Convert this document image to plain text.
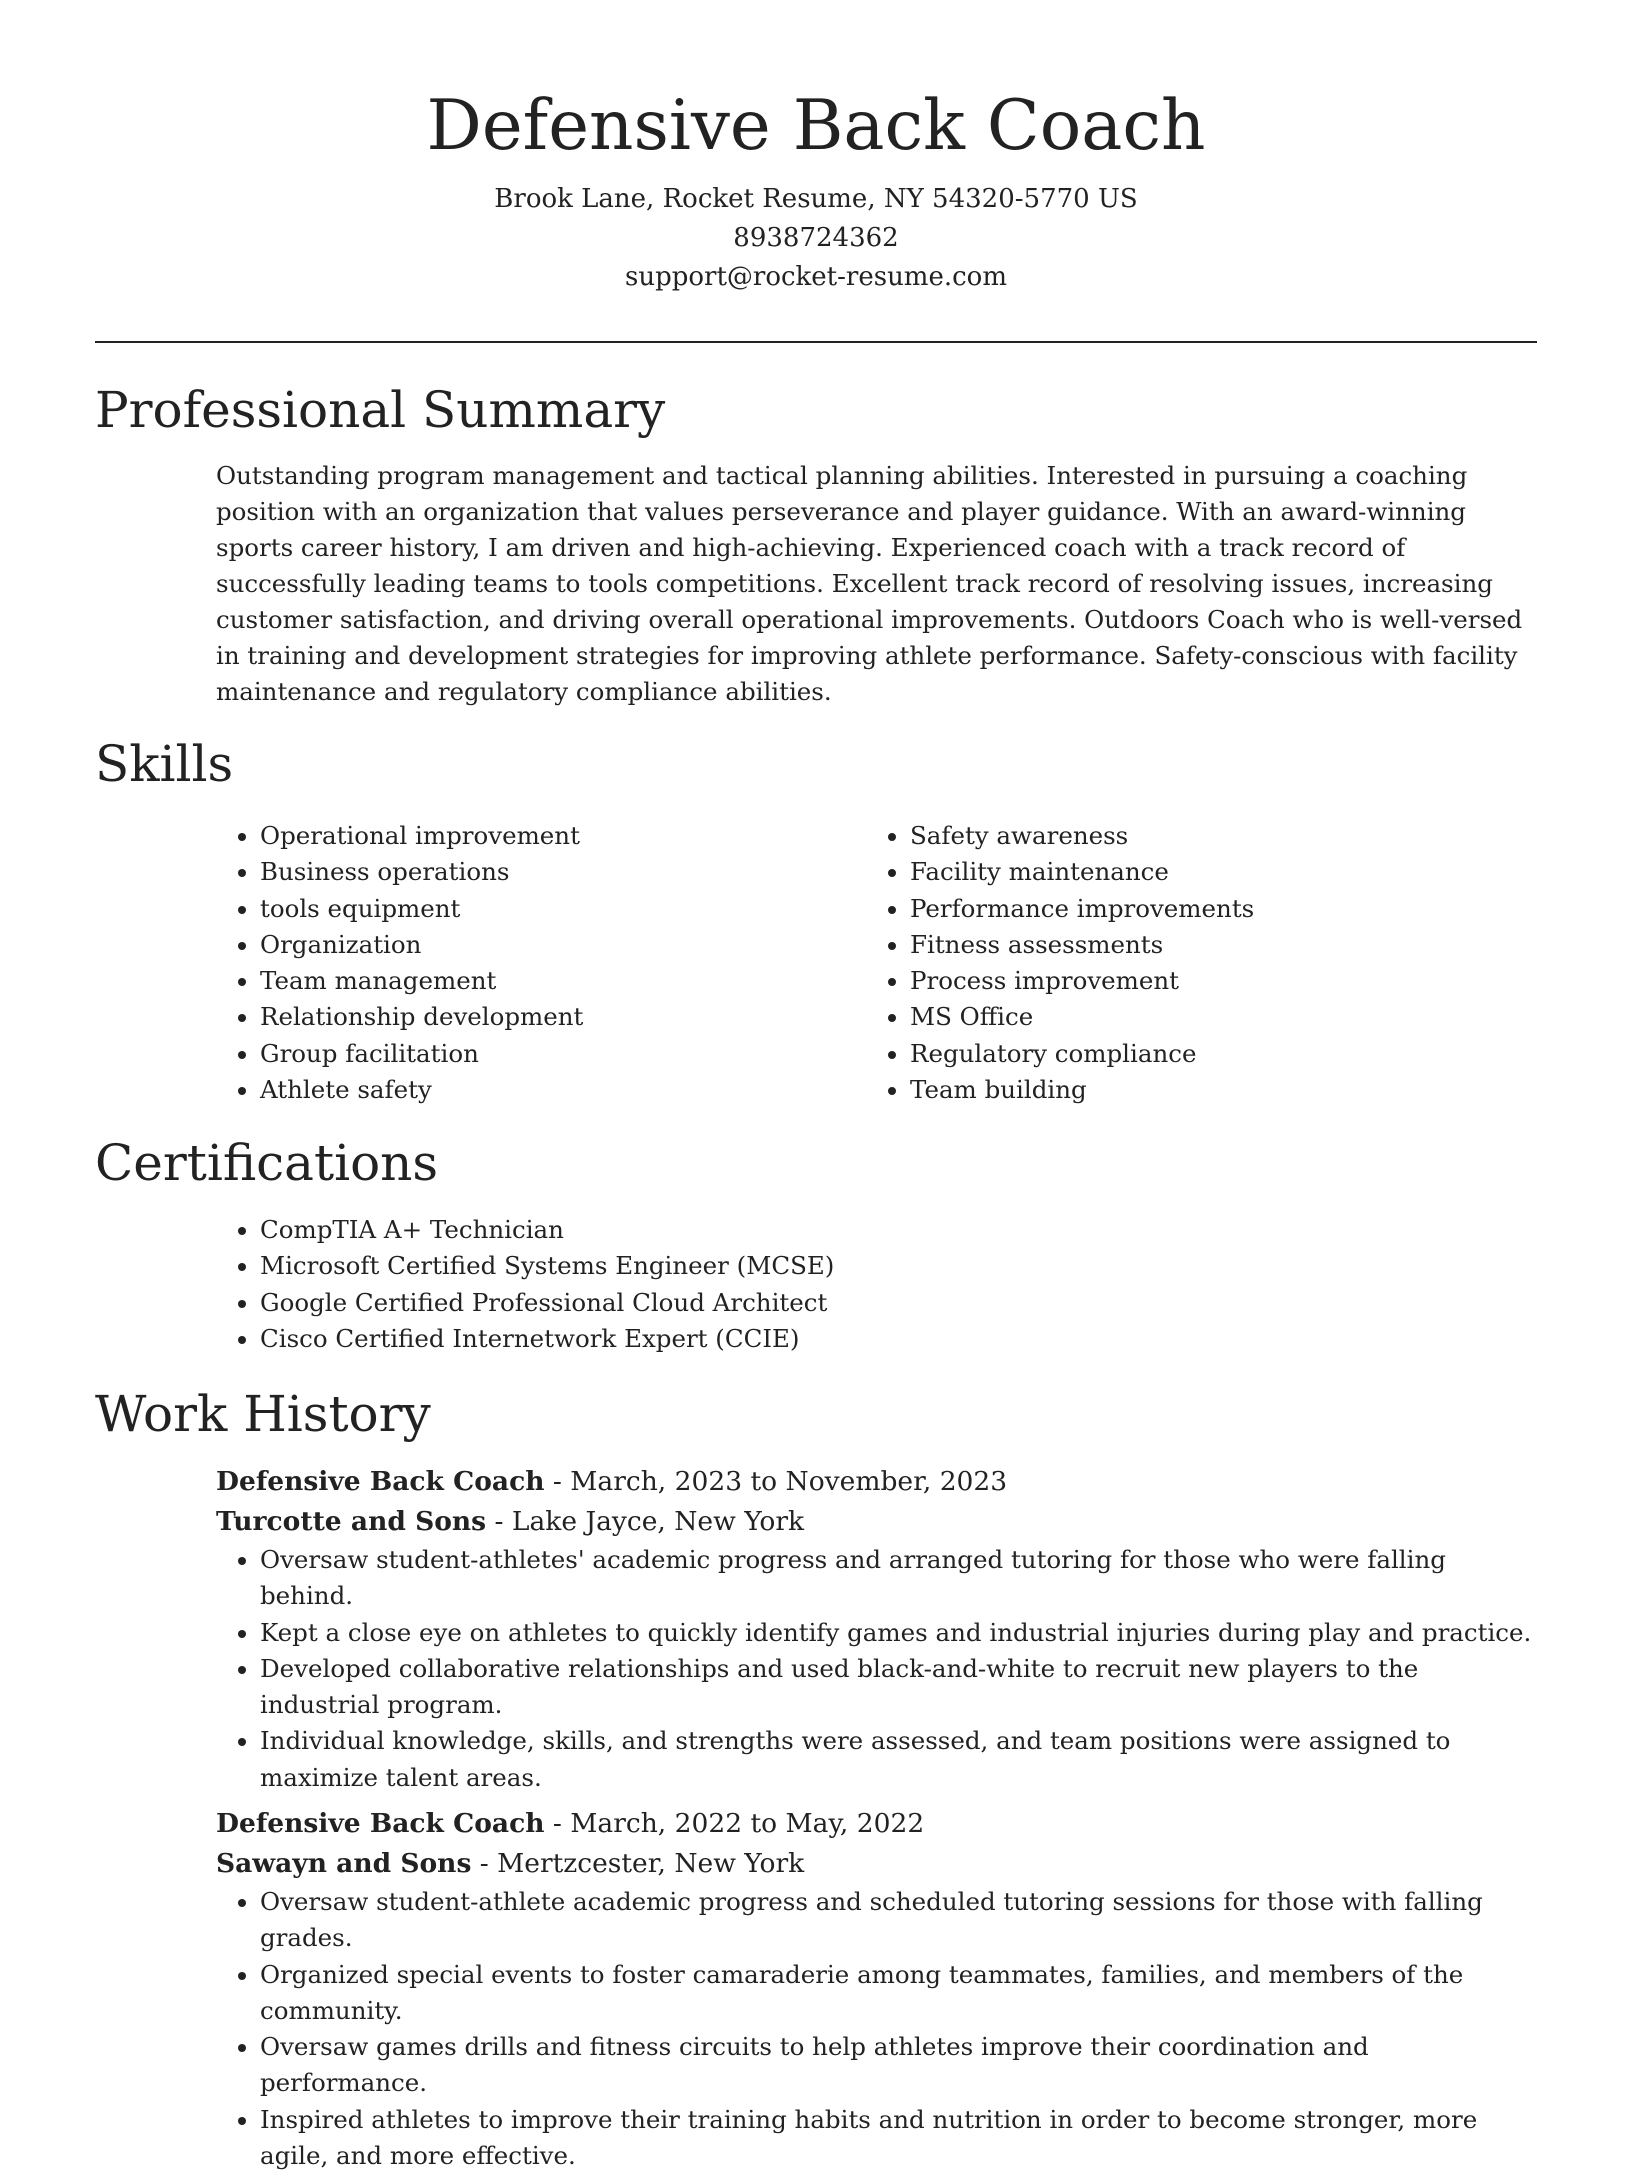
Defensive Back Coach
Brook Lane, Rocket Resume, NY 54320-5770 US
8938724362
support@rocket-resume.com
Professional Summary

Outstanding program management and tactical planning abilities. Interested in pursuing a coaching position with an organization that values perseverance and player guidance. With an award-winning sports career history, I am driven and high-achieving. Experienced coach with a track record of successfully leading teams to tools competitions. Excellent track record of resolving issues, increasing customer satisfaction, and driving overall operational improvements. Outdoors Coach who is well-versed in training and development strategies for improving athlete performance. Safety-conscious with facility maintenance and regulatory compliance abilities.

Skills
• Operational improvement
• Business operations
• tools equipment
• Organization
• Team management
• Relationship development
• Group facilitation
• Athlete safety
• Safety awareness
• Facility maintenance
• Performance improvements
• Fitness assessments
• Process improvement
• MS Office
• Regulatory compliance
• Team building
Certifications
• CompTIA A+ Technician
• Microsoft Certified Systems Engineer (MCSE)
• Google Certified Professional Cloud Architect
• Cisco Certified Internetwork Expert (CCIE)
Work History
Defensive Back Coach - March, 2023 to November, 2023
Turcotte and Sons - Lake Jayce, New York
• Oversaw student-athletes' academic progress and arranged tutoring for those who were falling behind.
• Kept a close eye on athletes to quickly identify games and industrial injuries during play and practice.
• Developed collaborative relationships and used black-and-white to recruit new players to the industrial program.
• Individual knowledge, skills, and strengths were assessed, and team positions were assigned to maximize talent areas.
Defensive Back Coach - March, 2022 to May, 2022
Sawayn and Sons - Mertzcester, New York
• Oversaw student-athlete academic progress and scheduled tutoring sessions for those with falling grades.
• Organized special events to foster camaraderie among teammates, families, and members of the community.
• Oversaw games drills and fitness circuits to help athletes improve their coordination and performance.
• Inspired athletes to improve their training habits and nutrition in order to become stronger, more agile, and more effective.
